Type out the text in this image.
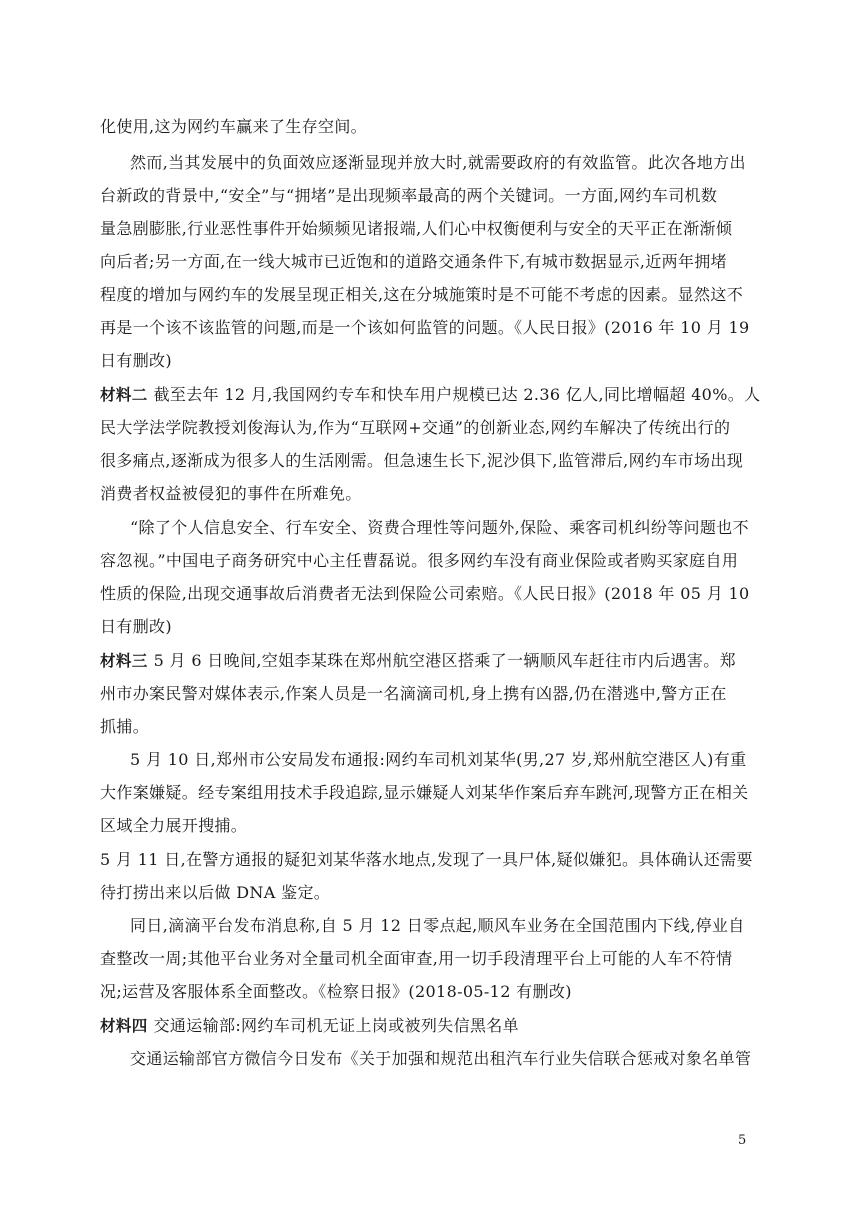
化使用,这为网约车赢来了生存空间。
然而,当其发展中的负面效应逐渐显现并放大时,就需要政府的有效监管。此次各地方出
台新政的背景中,“安全”与“拥堵”是出现频率最高的两个关键词。一方面,网约车司机数
量急剧膨胀,行业恶性事件开始频频见诸报端,人们心中权衡便利与安全的天平正在渐渐倾
向后者;另一方面,在一线大城市已近饱和的道路交通条件下,有城市数据显示,近两年拥堵
程度的增加与网约车的发展呈现正相关,这在分城施策时是不可能不考虑的因素。显然这不
再是一个该不该监管的问题,而是一个该如何监管的问题。《人民日报》(2016 年 10 月 19
日有删改)
材料二 截至去年 12 月,我国网约专车和快车用户规模已达 2.36 亿人,同比增幅超 40%。人
民大学法学院教授刘俊海认为,作为“互联网+交通”的创新业态,网约车解决了传统出行的
很多痛点,逐渐成为很多人的生活刚需。但急速生长下,泥沙俱下,监管滞后,网约车市场出现
消费者权益被侵犯的事件在所难免。
“除了个人信息安全、行车安全、资费合理性等问题外,保险、乘客司机纠纷等问题也不
容忽视。”中国电子商务研究中心主任曹磊说。很多网约车没有商业保险或者购买家庭自用
性质的保险,出现交通事故后消费者无法到保险公司索赔。《人民日报》(2018 年 05 月 10
日有删改)
材料三 5 月 6 日晚间,空姐李某珠在郑州航空港区搭乘了一辆顺风车赶往市内后遇害。郑
州市办案民警对媒体表示,作案人员是一名滴滴司机,身上携有凶器,仍在潜逃中,警方正在
抓捕。
5 月 10 日,郑州市公安局发布通报:网约车司机刘某华(男,27 岁,郑州航空港区人)有重
大作案嫌疑。经专案组用技术手段追踪,显示嫌疑人刘某华作案后弃车跳河,现警方正在相关
区域全力展开搜捕。
5 月 11 日,在警方通报的疑犯刘某华落水地点,发现了一具尸体,疑似嫌犯。具体确认还需要
待打捞出来以后做 DNA 鉴定。
同日,滴滴平台发布消息称,自 5 月 12 日零点起,顺风车业务在全国范围内下线,停业自
查整改一周;其他平台业务对全量司机全面审查,用一切手段清理平台上可能的人车不符情
况;运营及客服体系全面整改。《检察日报》(2018-05-12 有删改)
材料四 交通运输部:网约车司机无证上岗或被列失信黑名单
交通运输部官方微信今日发布《关于加强和规范出租汽车行业失信联合惩戒对象名单管
5
